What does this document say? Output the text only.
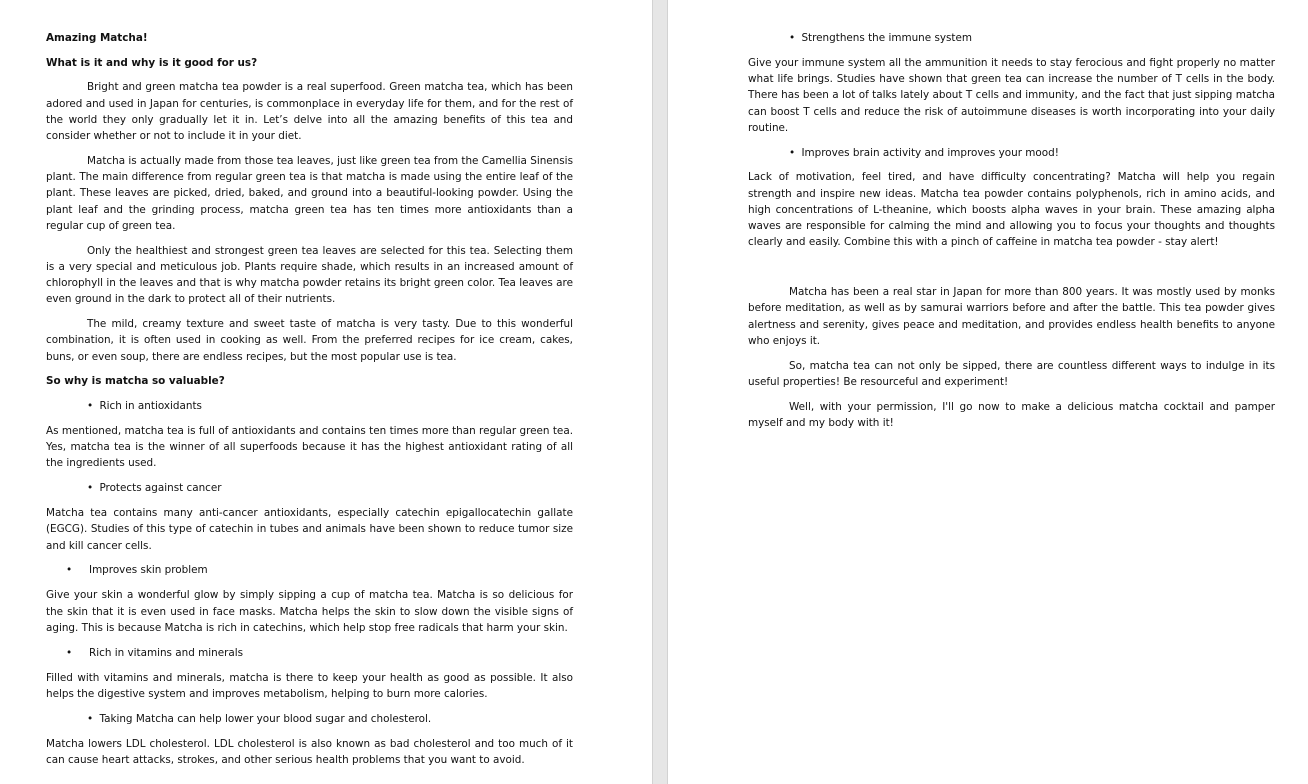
Amazing Matcha!

What is it and why is it good for us?

Bright and green matcha tea powder is a real superfood. Green matcha tea, which has been adored and used in Japan for centuries, is commonplace in everyday life for them, and for the rest of the world they only gradually let it in. Let’s delve into all the amazing benefits of this tea and consider whether or not to include it in your diet.

Matcha is actually made from those tea leaves, just like green tea from the Camellia Sinensis plant. The main difference from regular green tea is that matcha is made using the entire leaf of the plant. These leaves are picked, dried, baked, and ground into a beautiful-looking powder. Using the plant leaf and the grinding process, matcha green tea has ten times more antioxidants than a regular cup of green tea.

Only the healthiest and strongest green tea leaves are selected for this tea. Selecting them is a very special and meticulous job. Plants require shade, which results in an increased amount of chlorophyll in the leaves and that is why matcha powder retains its bright green color. Tea leaves are even ground in the dark to protect all of their nutrients.

The mild, creamy texture and sweet taste of matcha is very tasty. Due to this wonderful combination, it is often used in cooking as well. From the preferred recipes for ice cream, cakes, buns, or even soup, there are endless recipes, but the most popular use is tea.

So why is matcha so valuable?

• Rich in antioxidants

As mentioned, matcha tea is full of antioxidants and contains ten times more than regular green tea. Yes, matcha tea is the winner of all superfoods because it has the highest antioxidant rating of all the ingredients used.

• Protects against cancer

Matcha tea contains many anti-cancer antioxidants, especially catechin epigallocatechin gallate (EGCG). Studies of this type of catechin in tubes and animals have been shown to reduce tumor size and kill cancer cells.

•	Improves skin problem

Give your skin a wonderful glow by simply sipping a cup of matcha tea. Matcha is so delicious for the skin that it is even used in face masks. Matcha helps the skin to slow down the visible signs of aging. This is because Matcha is rich in catechins, which help stop free radicals that harm your skin.

•	Rich in vitamins and minerals

Filled with vitamins and minerals, matcha is there to keep your health as good as possible. It also helps the digestive system and improves metabolism, helping to burn more calories.

• Taking Matcha can help lower your blood sugar and cholesterol.

Matcha lowers LDL cholesterol. LDL cholesterol is also known as bad cholesterol and too much of it can cause heart attacks, strokes, and other serious health problems that you want to avoid.

• Strengthens the immune system

Give your immune system all the ammunition it needs to stay ferocious and fight properly no matter what life brings. Studies have shown that green tea can increase the number of T cells in the body. There has been a lot of talks lately about T cells and immunity, and the fact that just sipping matcha can boost T cells and reduce the risk of autoimmune diseases is worth incorporating into your daily routine.

• Improves brain activity and improves your mood!

Lack of motivation, feel tired, and have difficulty concentrating? Matcha will help you regain strength and inspire new ideas. Matcha tea powder contains polyphenols, rich in amino acids, and high concentrations of L-theanine, which boosts alpha waves in your brain. These amazing alpha waves are responsible for calming the mind and allowing you to focus your thoughts and thoughts clearly and easily. Combine this with a pinch of caffeine in matcha tea powder - stay alert!

Matcha has been a real star in Japan for more than 800 years. It was mostly used by monks before meditation, as well as by samurai warriors before and after the battle. This tea powder gives alertness and serenity, gives peace and meditation, and provides endless health benefits to anyone who enjoys it.

So, matcha tea can not only be sipped, there are countless different ways to indulge in its useful properties! Be resourceful and experiment!

Well, with your permission, I'll go now to make a delicious matcha cocktail and pamper myself and my body with it!
